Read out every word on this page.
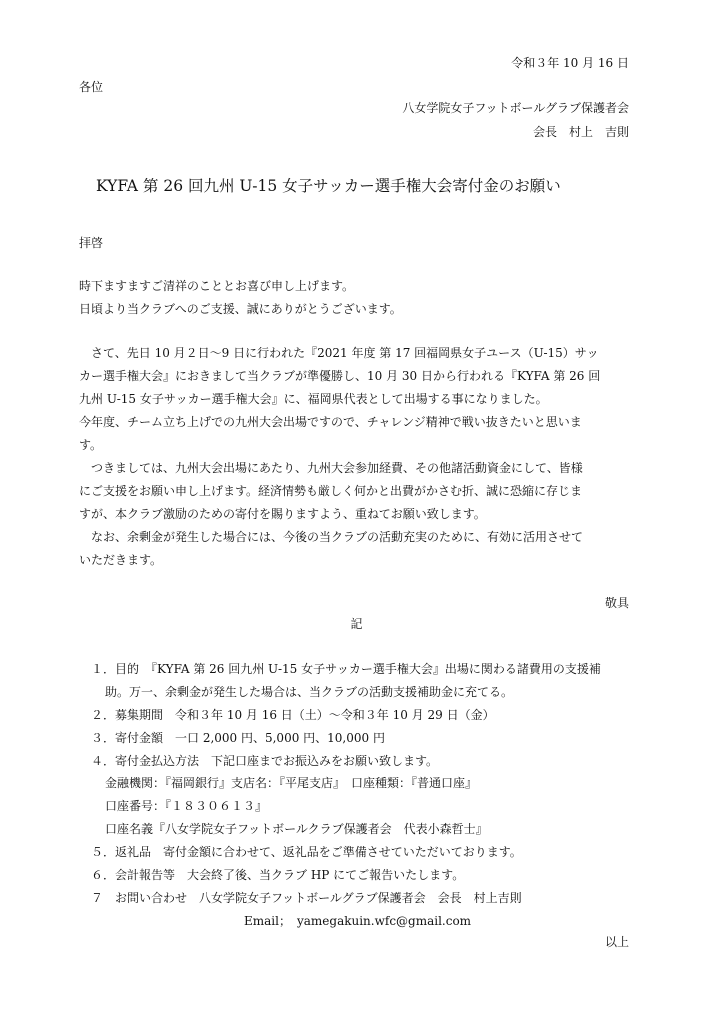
令和３年 10 月 16 日

各位

八女学院女子フットボールグラブ保護者会

会長　村上　吉則

KYFA 第 26 回九州 U-15 女子サッカー選手権大会寄付金のお願い

拝啓

時下ますますご清祥のこととお喜び申し上げます。

日頃より当クラブへのご支援、誠にありがとうございます。

さて、先日 10 月２日～9 日に行われた『2021 年度 第 17 回福岡県女子ユース（U-15）サッ

カー選手権大会』におきまして当クラブが準優勝し、10 月 30 日から行われる『KYFA 第 26 回

九州 U-15 女子サッカー選手権大会』に、福岡県代表として出場する事になりました。

今年度、チーム立ち上げでの九州大会出場ですので、チャレンジ精神で戦い抜きたいと思いま

す。

つきましては、九州大会出場にあたり、九州大会参加経費、その他諸活動資金にして、皆様

にご支援をお願い申し上げます。経済情勢も厳しく何かと出費がかさむ折、誠に恐縮に存じま

すが、本クラブ激励のための寄付を賜りますよう、重ねてお願い致します。

なお、余剰金が発生した場合には、今後の当クラブの活動充実のために、有効に活用させて

いただきます。

敬具

記

１．目的　『KYFA 第 26 回九州 U-15 女子サッカー選手権大会』出場に関わる諸費用の支援補

助。万一、余剰金が発生した場合は、当クラブの活動支援補助金に充てる。

２．募集期間　令和３年 10 月 16 日（土）～令和３年 10 月 29 日（金）

３．寄付金額　一口 2,000 円、5,000 円、10,000 円

４．寄付金払込方法　下記口座までお振込みをお願い致します。

金融機関：『福岡銀行』支店名：『平尾支店』　口座種類：『普通口座』

口座番号：『１８３０６１３』

口座名義『八女学院女子フットボールクラブ保護者会　代表小森哲士』

５．返礼品　寄付金額に合わせて、返礼品をご準備させていただいております。

６．会計報告等　大会終了後、当クラブ HP にてご報告いたします。

７　お問い合わせ　八女学院女子フットボールグラブ保護者会　会長　村上吉則

Email；　yamegakuin.wfc@gmail.com

以上
